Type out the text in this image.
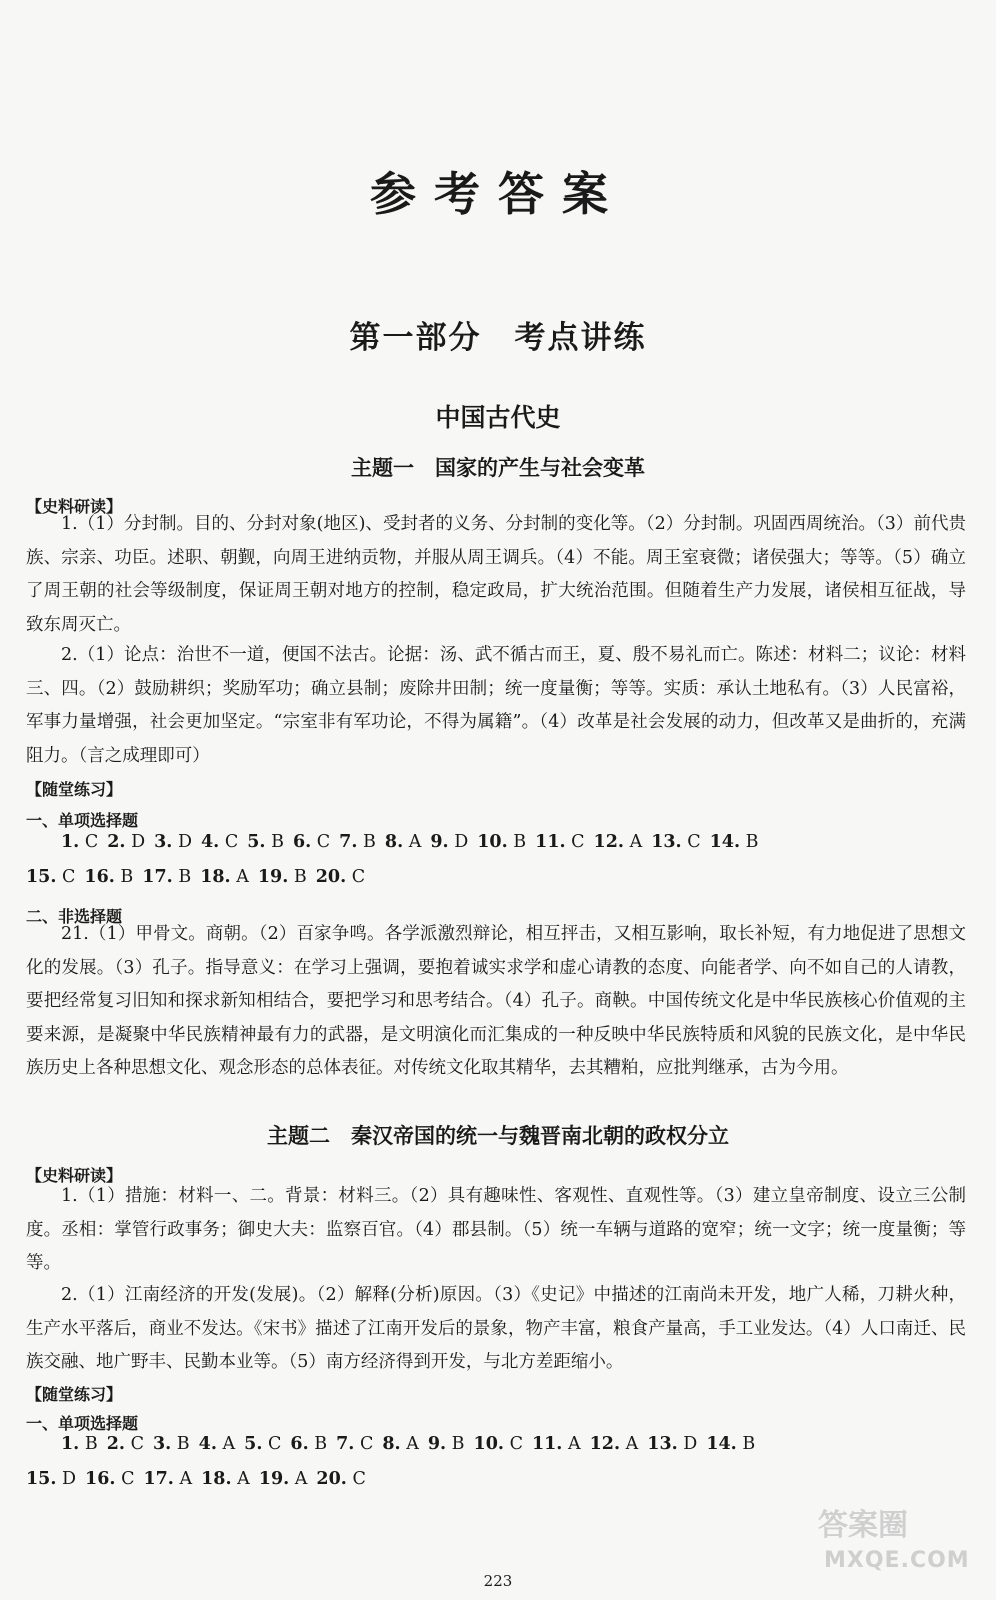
参考答案
第一部分　考点讲练
中国古代史
主题一　国家的产生与社会变革
【史料研读】

1.（1）分封制。目的、分封对象(地区)、受封者的义务、分封制的变化等。（2）分封制。巩固西周统治。（3）前代贵族、宗亲、功臣。述职、朝觐，向周王进纳贡物，并服从周王调兵。（4）不能。周王室衰微；诸侯强大；等等。（5）确立了周王朝的社会等级制度，保证周王朝对地方的控制，稳定政局，扩大统治范围。但随着生产力发展，诸侯相互征战，导致东周灭亡。

2.（1）论点：治世不一道，便国不法古。论据：汤、武不循古而王，夏、殷不易礼而亡。陈述：材料二；议论：材料三、四。（2）鼓励耕织；奖励军功；确立县制；废除井田制；统一度量衡；等等。实质：承认土地私有。（3）人民富裕，军事力量增强，社会更加坚定。“宗室非有军功论，不得为属籍”。（4）改革是社会发展的动力，但改革又是曲折的，充满阻力。（言之成理即可）

【随堂练习】
一、单项选择题
1. C 2. D 3. D 4. C 5. B 6. C 7. B 8. A 9. D 10. B 11. C 12. A 13. C 14. B
15. C 16. B 17. B 18. A 19. B 20. C
二、非选择题

21.（1）甲骨文。商朝。（2）百家争鸣。各学派激烈辩论，相互抨击，又相互影响，取长补短，有力地促进了思想文化的发展。（3）孔子。指导意义：在学习上强调，要抱着诚实求学和虚心请教的态度、向能者学、向不如自己的人请教，要把经常复习旧知和探求新知相结合，要把学习和思考结合。（4）孔子。商鞅。中国传统文化是中华民族核心价值观的主要来源，是凝聚中华民族精神最有力的武器，是文明演化而汇集成的一种反映中华民族特质和风貌的民族文化，是中华民族历史上各种思想文化、观念形态的总体表征。对传统文化取其精华，去其糟粕，应批判继承，古为今用。

主题二　秦汉帝国的统一与魏晋南北朝的政权分立
【史料研读】

1.（1）措施：材料一、二。背景：材料三。（2）具有趣味性、客观性、直观性等。（3）建立皇帝制度、设立三公制度。丞相：掌管行政事务；御史大夫：监察百官。（4）郡县制。（5）统一车辆与道路的宽窄；统一文字；统一度量衡；等等。

2.（1）江南经济的开发(发展)。（2）解释(分析)原因。（3）《史记》中描述的江南尚未开发，地广人稀，刀耕火种，生产水平落后，商业不发达。《宋书》描述了江南开发后的景象，物产丰富，粮食产量高，手工业发达。（4）人口南迁、民族交融、地广野丰、民勤本业等。（5）南方经济得到开发，与北方差距缩小。

【随堂练习】
一、单项选择题
1. B 2. C 3. B 4. A 5. C 6. B 7. C 8. A 9. B 10. C 11. A 12. A 13. D 14. B
15. D 16. C 17. A 18. A 19. A 20. C
223
答案圈
MXQE.COM
